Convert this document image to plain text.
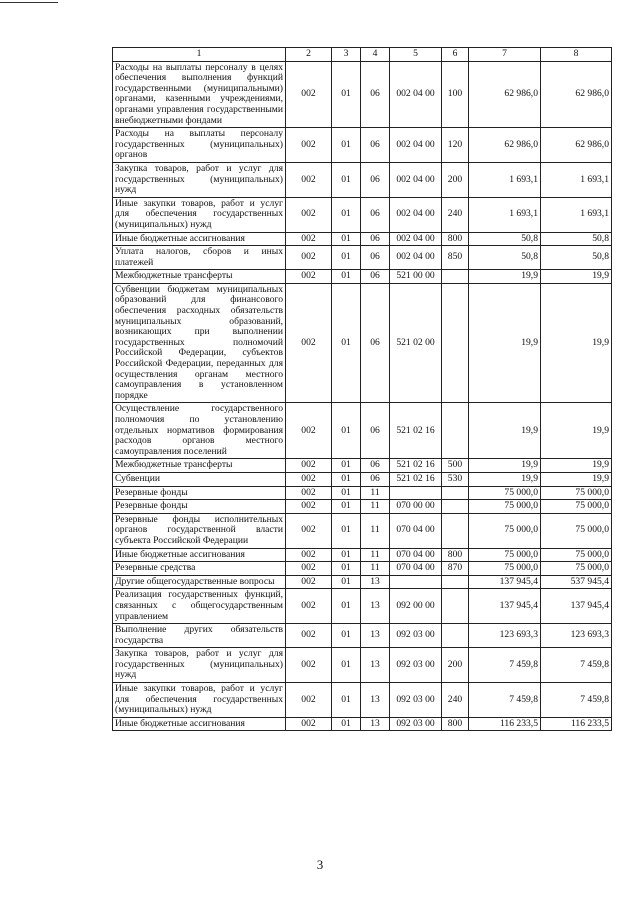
1	2	3	4	5	6	7	8
Расходы на выплаты персоналу в целях обеспечения выполнения функций государственными (муниципальными) органами, казенными учреждениями, органами управления государственными внебюджетными фондами	002	01	06	002 04 00	100	62 986,0	62 986,0
Расходы на выплаты персоналу государственных (муниципальных) органов	002	01	06	002 04 00	120	62 986,0	62 986,0
Закупка товаров, работ и услуг для государственных (муниципальных) нужд	002	01	06	002 04 00	200	1 693,1	1 693,1
Иные закупки товаров, работ и услуг для обеспечения государственных (муниципальных) нужд	002	01	06	002 04 00	240	1 693,1	1 693,1
Иные бюджетные ассигнования	002	01	06	002 04 00	800	50,8	50,8
Уплата налогов, сборов и иных платежей	002	01	06	002 04 00	850	50,8	50,8
Межбюджетные трансферты	002	01	06	521 00 00		19,9	19,9
Субвенции бюджетам муниципальных образований для финансового обеспечения расходных обязательств муниципальных образований, возникающих при выполнении государственных полномочий Российской Федерации, субъектов Российской Федерации, переданных для осуществления органам местного самоуправления в установленном порядке	002	01	06	521 02 00		19,9	19,9
Осуществление государственного полномочия по установлению отдельных нормативов формирования расходов органов местного самоуправления поселений	002	01	06	521 02 16		19,9	19,9
Межбюджетные трансферты	002	01	06	521 02 16	500	19,9	19,9
Субвенции	002	01	06	521 02 16	530	19,9	19,9
Резервные фонды	002	01	11			75 000,0	75 000,0
Резервные фонды	002	01	11	070 00 00		75 000,0	75 000,0
Резервные фонды исполнительных органов государственной власти субъекта Российской Федерации	002	01	11	070 04 00		75 000,0	75 000,0
Иные бюджетные ассигнования	002	01	11	070 04 00	800	75 000,0	75 000,0
Резервные средства	002	01	11	070 04 00	870	75 000,0	75 000,0
Другие общегосударственные вопросы	002	01	13			137 945,4	537 945,4
Реализация государственных функций, связанных с общегосударственным управлением	002	01	13	092 00 00		137 945,4	137 945,4
Выполнение других обязательств государства	002	01	13	092 03 00		123 693,3	123 693,3
Закупка товаров, работ и услуг для государственных (муниципальных) нужд	002	01	13	092 03 00	200	7 459,8	7 459,8
Иные закупки товаров, работ и услуг для обеспечения государственных (муниципальных) нужд	002	01	13	092 03 00	240	7 459,8	7 459,8
Иные бюджетные ассигнования	002	01	13	092 03 00	800	116 233,5	116 233,5
3
